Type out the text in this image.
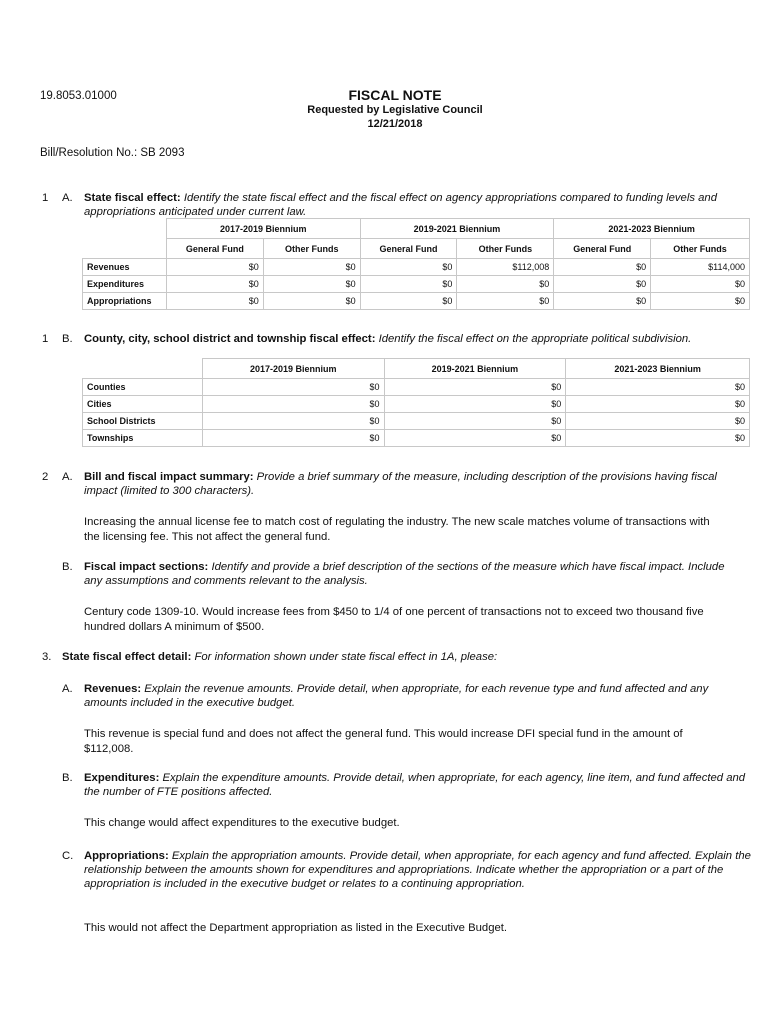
19.8053.01000	FISCAL NOTE
Requested by Legislative Council
12/21/2018
Bill/Resolution No.: SB 2093
1 A. State fiscal effect: Identify the state fiscal effect and the fiscal effect on agency appropriations compared to funding levels and appropriations anticipated under current law.
	2017-2019 Biennium		2019-2021 Biennium		2021-2023 Biennium	
	General Fund	Other Funds	General Fund	Other Funds	General Fund	Other Funds
Revenues	$0	$0	$0	$112,008	$0	$114,000
Expenditures	$0	$0	$0	$0	$0	$0
Appropriations	$0	$0	$0	$0	$0	$0
1 B. County, city, school district and township fiscal effect: Identify the fiscal effect on the appropriate political subdivision.
	2017-2019 Biennium	2019-2021 Biennium	2021-2023 Biennium
Counties	$0	$0	$0
Cities	$0	$0	$0
School Districts	$0	$0	$0
Townships	$0	$0	$0
2 A. Bill and fiscal impact summary: Provide a brief summary of the measure, including description of the provisions having fiscal impact (limited to 300 characters).
Increasing the annual license fee to match cost of regulating the industry. The new scale matches volume of transactions with the licensing fee. This not affect the general fund.
B. Fiscal impact sections: Identify and provide a brief description of the sections of the measure which have fiscal impact. Include any assumptions and comments relevant to the analysis.
Century code 1309-10. Would increase fees from $450 to 1/4 of one percent of transactions not to exceed two thousand five hundred dollars A minimum of $500.
3. State fiscal effect detail: For information shown under state fiscal effect in 1A, please:
A. Revenues: Explain the revenue amounts. Provide detail, when appropriate, for each revenue type and fund affected and any amounts included in the executive budget.
This revenue is special fund and does not affect the general fund. This would increase DFI special fund in the amount of $112,008.
B. Expenditures: Explain the expenditure amounts. Provide detail, when appropriate, for each agency, line item, and fund affected and the number of FTE positions affected.
This change would affect expenditures to the executive budget.
C. Appropriations: Explain the appropriation amounts. Provide detail, when appropriate, for each agency and fund affected. Explain the relationship between the amounts shown for expenditures and appropriations. Indicate whether the appropriation or a part of the appropriation is included in the executive budget or relates to a continuing appropriation.
This would not affect the Department appropriation as listed in the Executive Budget.
